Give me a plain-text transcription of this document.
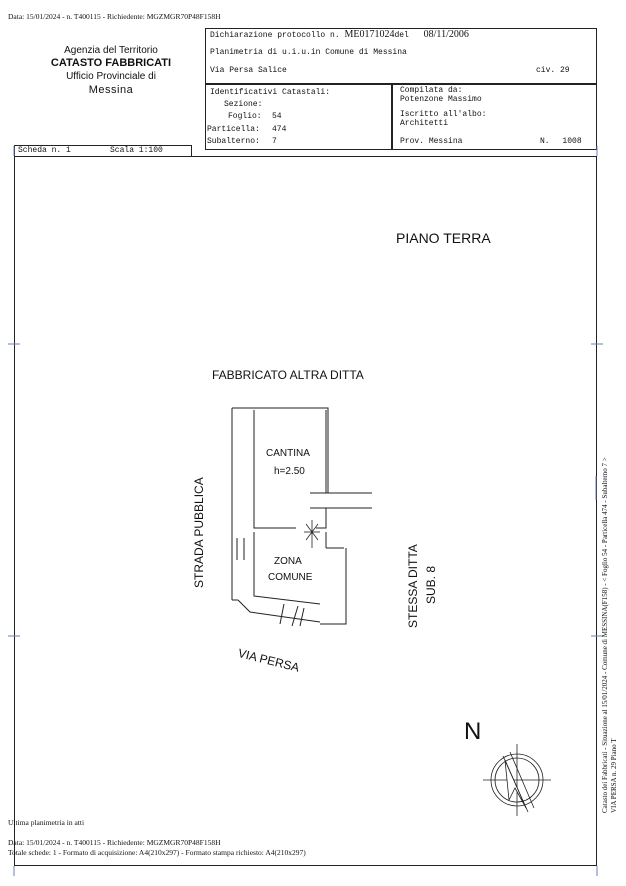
Data: 15/01/2024 - n. T400115 - Richiedente: MGZMGR70P48F158H
Agenzia del Territorio
CATASTO FABBRICATI
Ufficio Provinciale di
Messina
Dichiarazione protocollo n. ME0171024del 08/11/2006
Planimetria di u.i.u.in Comune di Messina
Via Persa Salice	civ. 29
Identificativi Catastali:
Sezione:
Foglio: 54
Particella: 474
Subalterno: 7
Compilata da:
Potenzone Massimo
Iscritto all'albo:
Architetti
Prov. Messina	N. 1008
Scheda n. 1	Scala 1:100
PIANO TERRA
FABBRICATO ALTRA DITTA
CANTINA
h=2.50
ZONA
COMUNE
STRADA PUBBLICA	STESSA DITTA SUB. 8
VIA PERSA
N	Catasto dei Fabbricati - Situazione al 15/01/2024 - Comune di MESSINA(F158) - < Foglio 54 - Particella 474 - Subalterno 7 > VIA PERSA n. 29 Piano T
Ultima planimetria in atti
Data: 15/01/2024 - n. T400115 - Richiedente: MGZMGR70P48F158H
Totale schede: 1 - Formato di acquisizione: A4(210x297) - Formato stampa richiesto: A4(210x297)
